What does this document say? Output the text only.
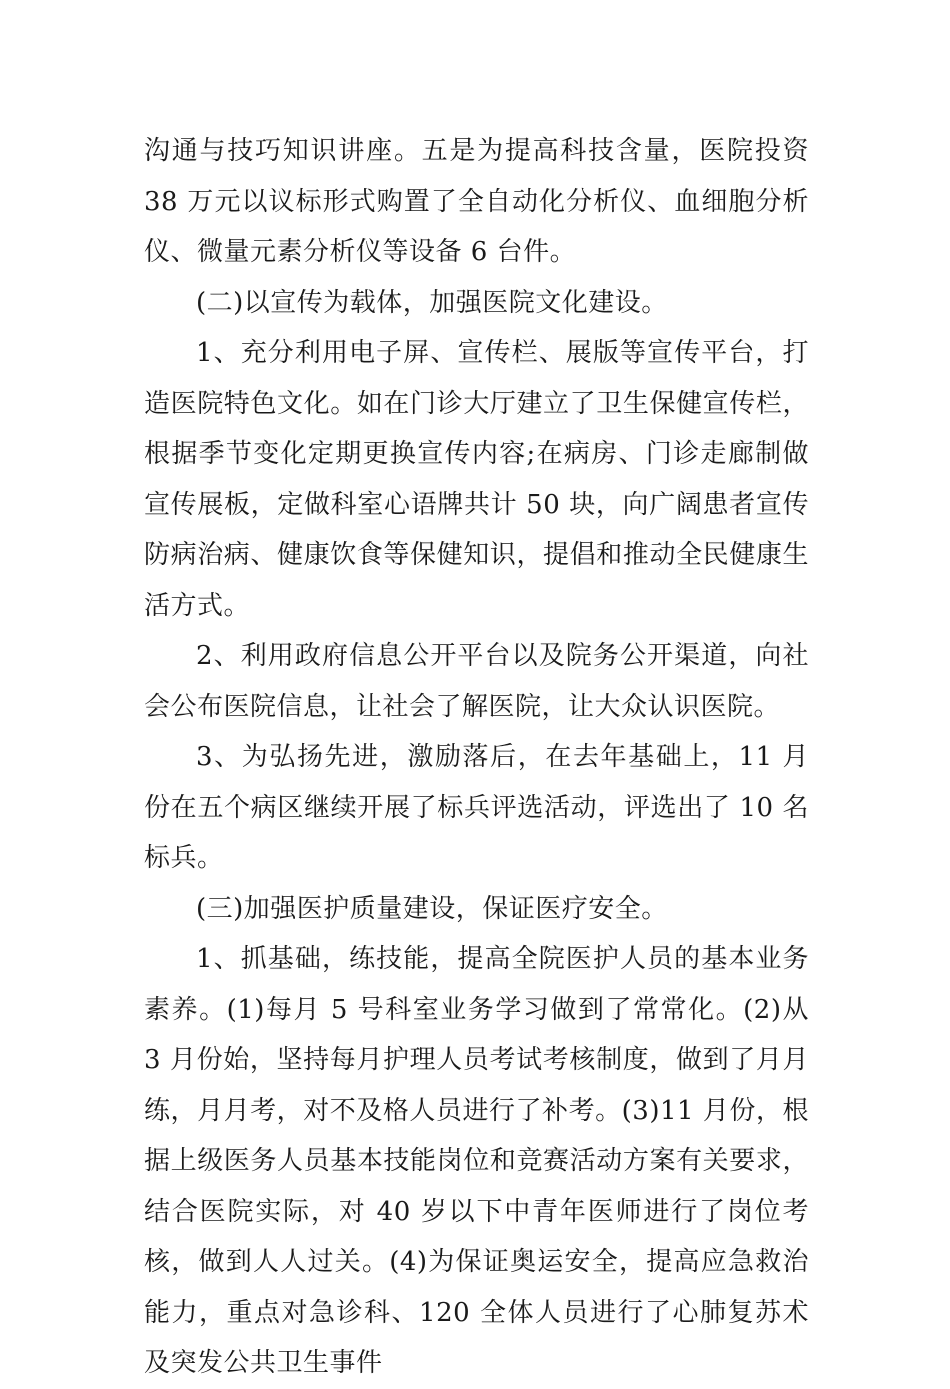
沟通与技巧知识讲座。五是为提高科技含量，医院投资 38 万元以议标形式购置了全自动化分析仪、血细胞分析仪、微量元素分析仪等设备 6 台件。

(二)以宣传为载体，加强医院文化建设。

1、充分利用电子屏、宣传栏、展版等宣传平台，打造医院特色文化。如在门诊大厅建立了卫生保健宣传栏，根据季节变化定期更换宣传内容;在病房、门诊走廊制做宣传展板，定做科室心语牌共计 50 块，向广阔患者宣传防病治病、健康饮食等保健知识，提倡和推动全民健康生活方式。

2、利用政府信息公开平台以及院务公开渠道，向社会公布医院信息，让社会了解医院，让大众认识医院。

3、为弘扬先进，激励落后，在去年基础上，11 月份在五个病区继续开展了标兵评选活动，评选出了 10 名标兵。

(三)加强医护质量建设，保证医疗安全。

1、抓基础，练技能，提高全院医护人员的基本业务素养。(1)每月 5 号科室业务学习做到了常常化。(2)从 3 月份始，坚持每月护理人员考试考核制度，做到了月月练，月月考，对不及格人员进行了补考。(3)11 月份，根据上级医务人员基本技能岗位和竞赛活动方案有关要求，结合医院实际，对 40 岁以下中青年医师进行了岗位考核，做到人人过关。(4)为保证奥运安全，提高应急救治能力，重点对急诊科、120 全体人员进行了心肺复苏术及突发公共卫生事件
